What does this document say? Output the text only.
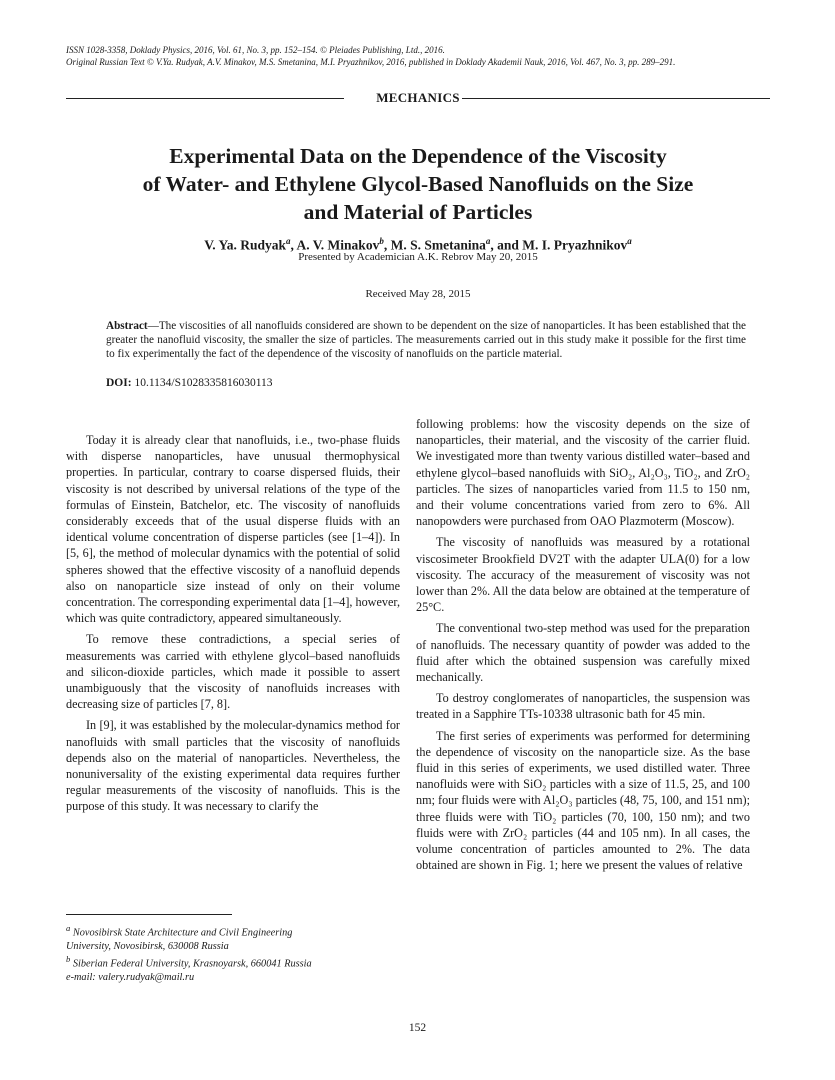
ISSN 1028-3358, Doklady Physics, 2016, Vol. 61, No. 3, pp. 152–154. © Pleiades Publishing, Ltd., 2016.
Original Russian Text © V.Ya. Rudyak, A.V. Minakov, M.S. Smetanina, M.I. Pryazhnikov, 2016, published in Doklady Akademii Nauk, 2016, Vol. 467, No. 3, pp. 289–291.
MECHANICS
Experimental Data on the Dependence of the Viscosity
of Water- and Ethylene Glycol-Based Nanofluids on the Size
and Material of Particles
V. Ya. Rudyak$^a$, A. V. Minakov$^b$, M. S. Smetanina$^a$, and M. I. Pryazhnikov$^a$
Presented by Academician A.K. Rebrov May 20, 2015
Received May 28, 2015
Abstract—The viscosities of all nanofluids considered are shown to be dependent on the size of nanoparticles. It has been established that the greater the nanofluid viscosity, the smaller the size of particles. The measurements carried out in this study make it possible for the first time to fix experimentally the fact of the dependence of the viscosity of nanofluids on the particle material.
DOI: 10.1134/S1028335816030113

Today it is already clear that nanofluids, i.e., two-phase fluids with disperse nanoparticles, have unusual thermophysical properties. In particular, contrary to coarse dispersed fluids, their viscosity is not described by universal relations of the type of the formulas of Einstein, Batchelor, etc. The viscosity of nanofluids considerably exceeds that of the usual disperse fluids with an identical volume concentration of disperse particles (see [1–4]). In [5, 6], the method of molecular dynamics with the potential of solid spheres showed that the effective viscosity of a nanofluid depends also on nanoparticle size instead of only on their volume concentration. The corresponding experimental data [1–4], however, which was quite contradictory, appeared simultaneously.

To remove these contradictions, a special series of measurements was carried with ethylene glycol–based nanofluids and silicon-dioxide particles, which made it possible to assert unambiguously that the viscosity of nanofluids increases with decreasing size of particles [7, 8].

In [9], it was established by the molecular-dynamics method for nanofluids with small particles that the viscosity of nanofluids depends also on the material of nanoparticles. Nevertheless, the nonuniversality of the existing experimental data requires further regular measurements of the viscosity of nanofluids. This is the purpose of this study. It was necessary to clarify the

following problems: how the viscosity depends on the size of nanoparticles, their material, and the viscosity of the carrier fluid. We investigated more than twenty various distilled water–based and ethylene glycol–based nanofluids with SiO₂, Al₂O₃, TiO₂, and ZrO₂ particles. The sizes of nanoparticles varied from 11.5 to 150 nm, and their volume concentrations varied from zero to 6%. All nanopowders were purchased from OAO Plazmoterm (Moscow).

The viscosity of nanofluids was measured by a rotational viscosimeter Brookfield DV2T with the adapter ULA(0) for a low viscosity. The accuracy of the measurement of viscosity was not lower than 2%. All the data below are obtained at the temperature of 25°C.

The conventional two-step method was used for the preparation of nanofluids. The necessary quantity of powder was added to the fluid after which the obtained suspension was carefully mixed mechanically.

To destroy conglomerates of nanoparticles, the suspension was treated in a Sapphire TTs-10338 ultrasonic bath for 45 min.

The first series of experiments was performed for determining the dependence of viscosity on the nanoparticle size. As the base fluid in this series of experiments, we used distilled water. Three nanofluids were with SiO₂ particles with a size of 11.5, 25, and 100 nm; four fluids were with Al₂O₃ particles (48, 75, 100, and 151 nm); three fluids were with TiO₂ particles (70, 100, 150 nm); and two fluids were with ZrO₂ particles (44 and 105 nm). In all cases, the volume concentration of particles amounted to 2%. The data obtained are shown in Fig. 1; here we present the values of relative

$^a$ Novosibirsk State Architecture and Civil Engineering
University, Novosibirsk, 630008 Russia
$^b$ Siberian Federal University, Krasnoyarsk, 660041 Russia
e-mail: valery.rudyak@mail.ru
152
